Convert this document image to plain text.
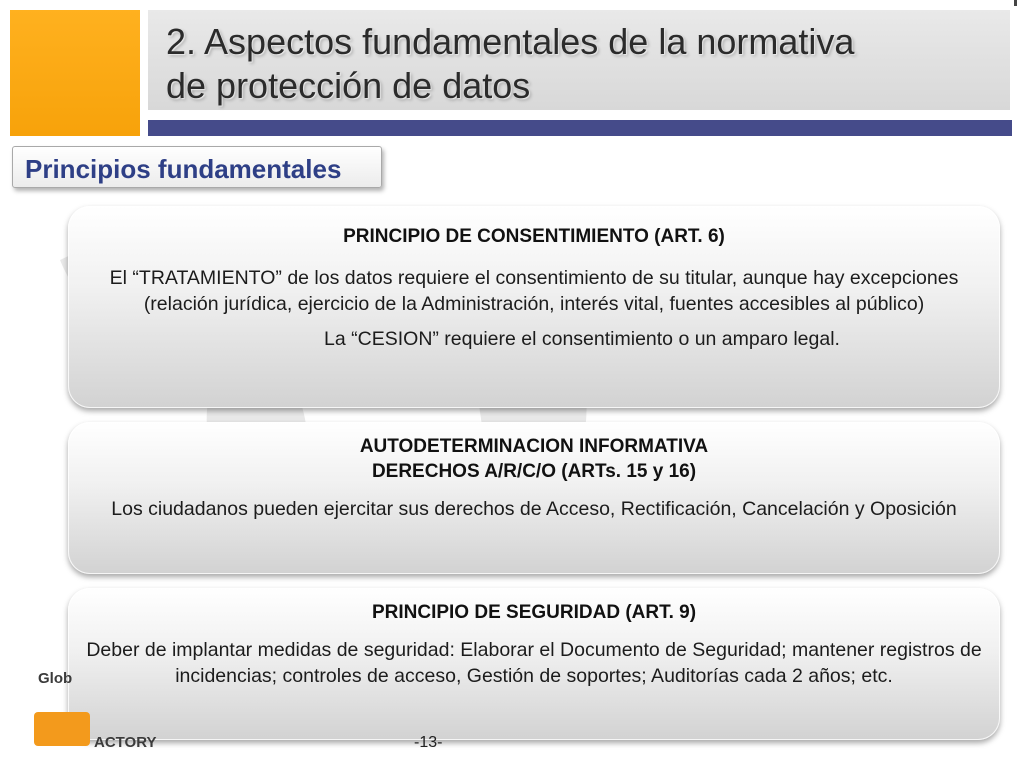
2. Aspectos fundamentales de la normativa
de protección de datos
Principios fundamentales
PRINCIPIO DE CONSENTIMIENTO (ART. 6)

El “TRATAMIENTO” de los datos requiere el consentimiento de su titular, aunque hay excepciones (relación jurídica, ejercicio de la Administración, interés vital, fuentes accesibles al público)

La “CESION” requiere el consentimiento o un amparo legal.

AUTODETERMINACION INFORMATIVA
DERECHOS A/R/C/O (ARTs. 15 y 16)

Los ciudadanos pueden ejercitar sus derechos de Acceso, Rectificación, Cancelación y Oposición

PRINCIPIO DE SEGURIDAD (ART. 9)

Deber de implantar medidas de seguridad: Elaborar el Documento de Seguridad; mantener registros de incidencias; controles de acceso, Gestión de soportes; Auditorías cada 2 años; etc.

Glob
ACTORY	-13-
